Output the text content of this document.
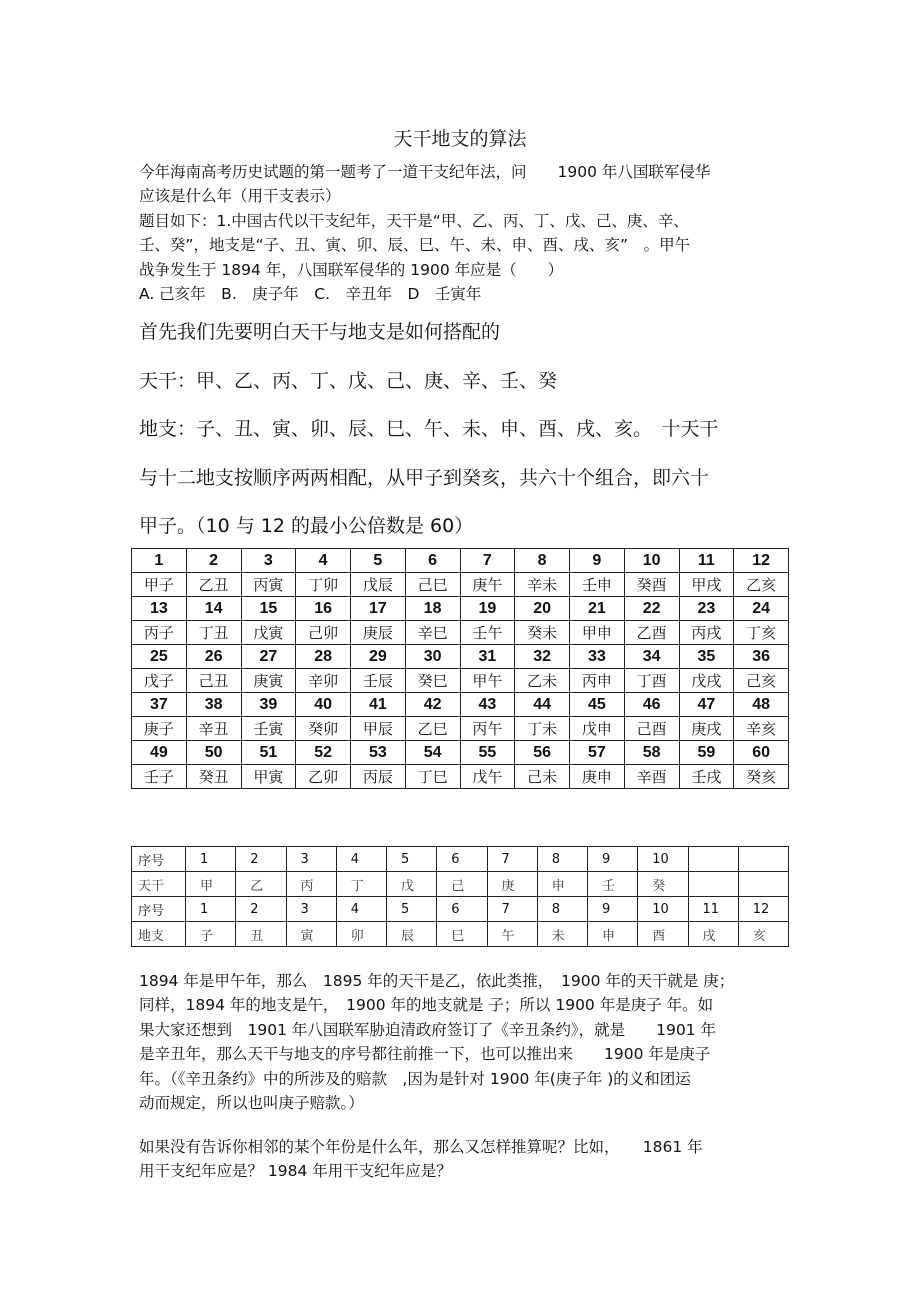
天干地支的算法
今年海南高考历史试题的第一题考了一道干支纪年法，问　　1900 年八国联军侵华
应该是什么年（用干支表示）
题目如下：1.中国古代以干支纪年，天干是“甲、乙、丙、丁、戊、己、庚、辛、
壬、癸”，地支是“子、丑、寅、卯、辰、巳、午、未、申、酉、戌、亥”　。甲午
战争发生于 1894 年，八国联军侵华的 1900 年应是（　　）
A. 己亥年　B.　庚子年　C.　辛丑年　D　壬寅年
首先我们先要明白天干与地支是如何搭配的
天干：甲、乙、丙、丁、戊、己、庚、辛、壬、癸
地支：子、丑、寅、卯、辰、巳、午、未、申、酉、戌、亥。　十天干
与十二地支按顺序两两相配，从甲子到癸亥，共六十个组合，即六十
甲子。（10 与 12 的最小公倍数是 60）
1	2	3	4	5	6	7	8	9	10	11	12
甲子	乙丑	丙寅	丁卯	戊辰	己巳	庚午	辛未	壬申	癸酉	甲戌	乙亥
13	14	15	16	17	18	19	20	21	22	23	24
丙子	丁丑	戊寅	己卯	庚辰	辛巳	壬午	癸未	甲申	乙酉	丙戌	丁亥
25	26	27	28	29	30	31	32	33	34	35	36
戊子	己丑	庚寅	辛卯	壬辰	癸巳	甲午	乙未	丙申	丁酉	戊戌	己亥
37	38	39	40	41	42	43	44	45	46	47	48
庚子	辛丑	壬寅	癸卯	甲辰	乙巳	丙午	丁未	戊申	己酉	庚戌	辛亥
49	50	51	52	53	54	55	56	57	58	59	60
壬子	癸丑	甲寅	乙卯	丙辰	丁巳	戊午	己未	庚申	辛酉	壬戌	癸亥
序号	1	2	3	4	5	6	7	8	9	10		
天干	甲	乙	丙	丁	戊	己	庚	申	壬	癸		
序号	1	2	3	4	5	6	7	8	9	10	11	12
地支	子	丑	寅	卯	辰	巳	午	未	申	酉	戌	亥
1894 年是甲午年，那么　1895 年的天干是乙，依此类推，　1900 年的天干就是 庚；
同样，1894 年的地支是午，　1900 年的地支就是 子；所以 1900 年是庚子 年。如
果大家还想到　1901 年八国联军胁迫清政府签订了《辛丑条约》，就是　　1901 年
是辛丑年，那么天干与地支的序号都往前推一下，也可以推出来　　1900 年是庚子
年。（《辛丑条约》中的所涉及的赔款　,因为是针对 1900 年(庚子年 )的义和团运
动而规定，所以也叫庚子赔款。）
如果没有告诉你相邻的某个年份是什么年，那么又怎样推算呢？比如，　　1861 年
用干支纪年应是？ 1984 年用干支纪年应是？
